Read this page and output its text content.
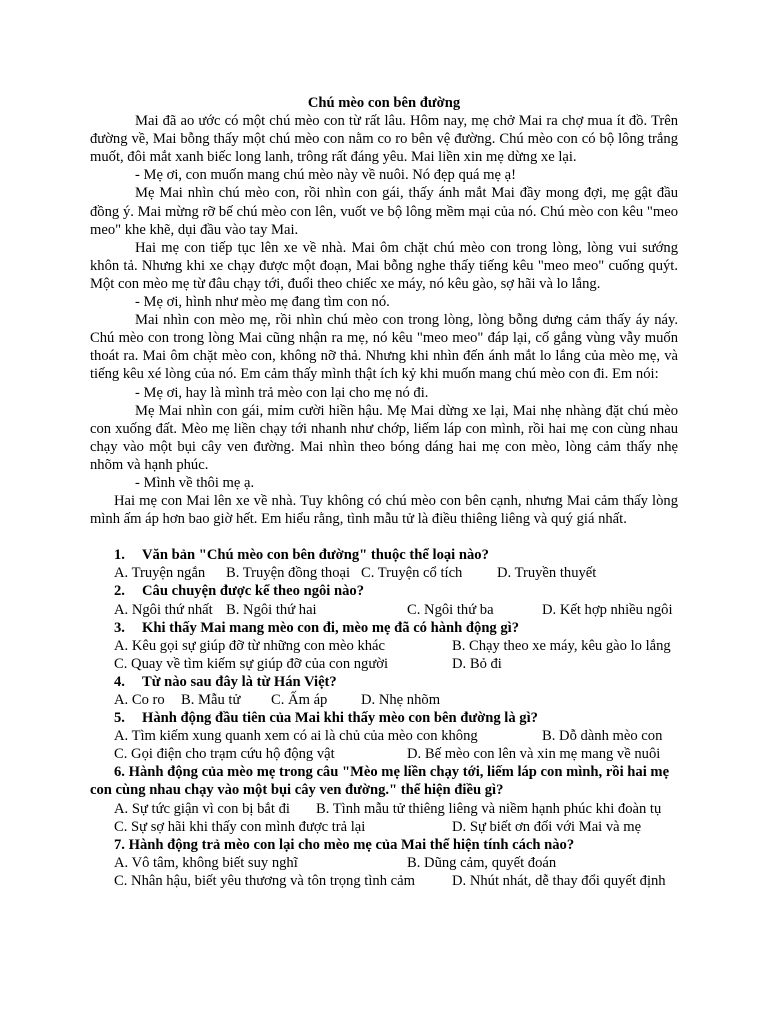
Chú mèo con bên đường
Mai đã ao ước có một chú mèo con từ rất lâu. Hôm nay, mẹ chở Mai ra chợ mua ít đồ. Trên đường về, Mai bỗng thấy một chú mèo con nằm co ro bên vệ đường. Chú mèo con có bộ lông trắng muốt, đôi mắt xanh biếc long lanh, trông rất đáng yêu. Mai liền xin mẹ dừng xe lại.
- Mẹ ơi, con muốn mang chú mèo này về nuôi. Nó đẹp quá mẹ ạ!
Mẹ Mai nhìn chú mèo con, rồi nhìn con gái, thấy ánh mắt Mai đầy mong đợi, mẹ gật đầu đồng ý. Mai mừng rỡ bế chú mèo con lên, vuốt ve bộ lông mềm mại của nó. Chú mèo con kêu "meo meo" khe khẽ, dụi đầu vào tay Mai.
Hai mẹ con tiếp tục lên xe về nhà. Mai ôm chặt chú mèo con trong lòng, lòng vui sướng khôn tả. Nhưng khi xe chạy được một đoạn, Mai bỗng nghe thấy tiếng kêu "meo meo" cuống quýt. Một con mèo mẹ từ đâu chạy tới, đuổi theo chiếc xe máy, nó kêu gào, sợ hãi và lo lắng.
- Mẹ ơi, hình như mèo mẹ đang tìm con nó.
Mai nhìn con mèo mẹ, rồi nhìn chú mèo con trong lòng, lòng bỗng dưng cảm thấy áy náy. Chú mèo con trong lòng Mai cũng nhận ra mẹ, nó kêu "meo meo" đáp lại, cố gắng vùng vẫy muốn thoát ra. Mai ôm chặt mèo con, không nỡ thả. Nhưng khi nhìn đến ánh mắt lo lắng của mèo mẹ, và tiếng kêu xé lòng của nó. Em cảm thấy mình thật ích kỷ khi muốn mang chú mèo con đi. Em nói:
- Mẹ ơi, hay là mình trả mèo con lại cho mẹ nó đi.
Mẹ Mai nhìn con gái, mỉm cười hiền hậu. Mẹ Mai dừng xe lại, Mai nhẹ nhàng đặt chú mèo con xuống đất. Mèo mẹ liền chạy tới nhanh như chớp, liếm láp con mình, rồi hai mẹ con cùng nhau chạy vào một bụi cây ven đường. Mai nhìn theo bóng dáng hai mẹ con mèo, lòng cảm thấy nhẹ nhõm và hạnh phúc.
- Mình về thôi mẹ ạ.
Hai mẹ con Mai lên xe về nhà. Tuy không có chú mèo con bên cạnh, nhưng Mai cảm thấy lòng mình ấm áp hơn bao giờ hết. Em hiểu rằng, tình mẫu tử là điều thiêng liêng và quý giá nhất.
1. Văn bản "Chú mèo con bên đường" thuộc thể loại nào?
A. Truyện ngắn B. Truyện đồng thoại C. Truyện cổ tích D. Truyền thuyết
2. Câu chuyện được kể theo ngôi nào?
A. Ngôi thứ nhất B. Ngôi thứ hai	C. Ngôi thứ ba	D. Kết hợp nhiều ngôi
3. Khi thấy Mai mang mèo con đi, mèo mẹ đã có hành động gì?
A. Kêu gọi sự giúp đỡ từ những con mèo khác	B. Chạy theo xe máy, kêu gào lo lắng
C. Quay về tìm kiếm sự giúp đỡ của con người	D. Bỏ đi
4. Từ nào sau đây là từ Hán Việt?
A. Co ro B. Mẫu tử C. Ấm áp D. Nhẹ nhõm
5. Hành động đầu tiên của Mai khi thấy mèo con bên đường là gì?
A. Tìm kiếm xung quanh xem có ai là chủ của mèo con không	B. Dỗ dành mèo con
C. Gọi điện cho trạm cứu hộ động vật	D. Bế mèo con lên và xin mẹ mang về nuôi
6. Hành động của mèo mẹ trong câu "Mèo mẹ liền chạy tới, liếm láp con mình, rồi hai mẹ con cùng nhau chạy vào một bụi cây ven đường." thể hiện điều gì?
A. Sự tức giận vì con bị bắt đi B. Tình mẫu tử thiêng liêng và niềm hạnh phúc khi đoàn tụ
C. Sự sợ hãi khi thấy con mình được trả lại	D. Sự biết ơn đối với Mai và mẹ
7. Hành động trả mèo con lại cho mèo mẹ của Mai thể hiện tính cách nào?
A. Vô tâm, không biết suy nghĩ	B. Dũng cảm, quyết đoán
C. Nhân hậu, biết yêu thương và tôn trọng tình cảm	D. Nhút nhát, dễ thay đổi quyết định
